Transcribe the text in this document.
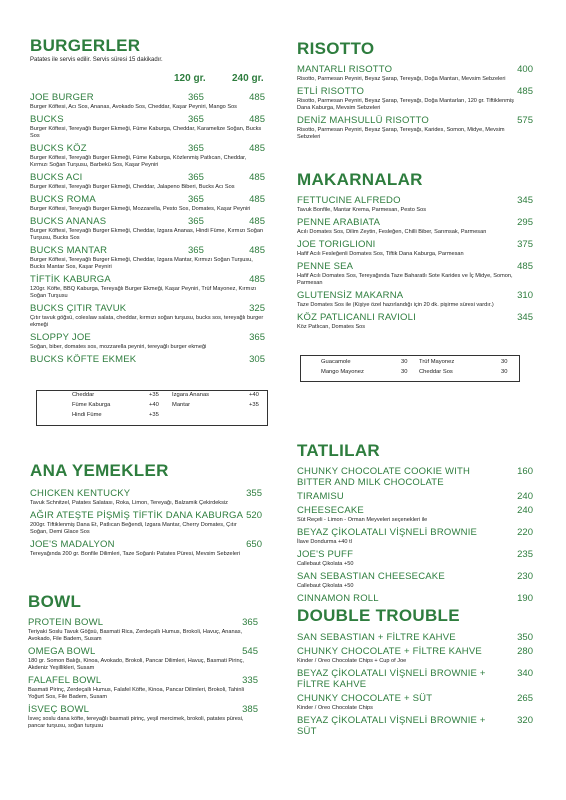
BURGERLER
Patates ile servis edilir. Servis süresi 15 dakikadır.
120 gr.	240 gr.
JOE BURGER	365	485
Burger Köftesi, Acı Sos, Ananas, Avokado Sos, Cheddar, Kaşar Peyniri, Mango Sos
BUCKS	365	485
Burger Köftesi, Tereyağlı Burger Ekmeği, Füme Kaburga, Cheddar, Karamelize Soğan, Bucks Sos
BUCKS KÖZ	365	485
Burger Köftesi, Tereyağlı Burger Ekmeği, Füme Kaburga, Közlenmiş Patlıcan, Cheddar, Kırmızı Soğan Turşusu, Barbekü Sos, Kaşar Peyniri
BUCKS ACI	365	485
Burger Köftesi, Tereyağlı Burger Ekmeği, Cheddar, Jalapeno Biberi, Bucks Acı Sos
BUCKS ROMA	365	485
Burger Köftesi, Tereyağlı Burger Ekmeği, Mozzarella, Pesto Sos, Domates, Kaşar Peyniri
BUCKS ANANAS	365	485
Burger Köftesi, Tereyağlı Burger Ekmeği, Cheddar, Izgara Ananas, Hindi Füme, Kırmızı Soğan Turşusu, Bucks Sos
BUCKS MANTAR	365	485
Burger Köftesi, Tereyağlı Burger Ekmeği, Cheddar, Izgara Mantar, Kırmızı Soğan Turşusu, Bucks Mantar Sos, Kaşar Peyniri
TİFTİK KABURGA	485
120gr. Köfte, BBQ Kaburga, Tereyağlı Burger Ekmeği, Kaşar Peyniri, Trüf Mayonez, Kırmızı Soğan Turşusu
BUCKS ÇITIR TAVUK	325
Çıtır tavuk göğsü, coleslaw salata, cheddar, kırmızı soğan turşusu, bucks sos, tereyağlı burger ekmeği
SLOPPY JOE	365
Soğan, biber, domates sos, mozzarella peyniri, tereyağlı burger ekmeği
BUCKS KÖFTE EKMEK	305
Cheddar	+35 Izgara Ananas	+40
Füme Kaburga	+40 Mantar	+35
Hindi Füme	+35
ANA YEMEKLER
CHICKEN KENTUCKY	355
Tavuk Schnitzel, Patates Salatası, Roka, Limon, Tereyağı, Balzamik Çekirdeksiz
AĞIR ATEŞTE PİŞMİŞ TİFTİK DANA KABURGA 520
200gr. Tiftiklenmiş Dana Et, Patlıcan Beğendi, Izgara Mantar, Cherry Domates, Çıtır Soğan, Demi Glace Sos
JOE'S MADALYON	650
Tereyağında 200 gr. Bonfile Dilimleri, Taze Soğanlı Patates Püresi, Mevsim Sebzeleri
BOWL
PROTEIN BOWL	365
Teriyaki Soslu Tavuk Göğsü, Basmati Rica, Zerdeçallı Humus, Brokoli, Havuç, Ananas, Avokado, File Badem, Susam
OMEGA BOWL	545
180 gr. Somon Balığı, Kinoa, Avokado, Brokoli, Pancar Dilimleri, Havuç, Basmati Pirinç, Akdeniz Yeşillikleri, Susam
FALAFEL BOWL	335
Basmati Pirinç, Zerdeçallı Humus, Falafel Köfte, Kinoa, Pancar Dilimleri, Brokoli, Tahinli Yoğurt Sos, File Badem, Susam
İSVEÇ BOWL	385
İsveç soslu dana köfte, tereyağlı basmati pirinç, yeşil mercimek, brokoli, patates püresi, pancar turşusu, soğan turşusu
RISOTTO
MANTARLI RISOTTO	400
Risotto, Parmesan Peyniri, Beyaz Şarap, Tereyağı, Doğa Mantarı, Mevsim Sebzeleri
ETLİ RISOTTO	485
Risotto, Parmesan Peyniri, Beyaz Şarap, Tereyağı, Doğa Mantarları, 120 gr. Tiftiklenmiş Dana Kaburga, Mevsim Sebzeleri
DENİZ MAHSULLÜ RISOTTO	575
Risotto, Parmesan Peyniri, Beyaz Şarap, Tereyağı, Karides, Somon, Midye, Mevsim Sebzeleri
MAKARNALAR
FETTUCINE ALFREDO	345
Tavuk Bonfile, Mantar Krema, Parmesan, Pesto Sos
PENNE ARABIATA	295
Acılı Domates Sos, Dilim Zeytin, Fesleğen, Chilli Biber, Sarımsak, Parmesan
JOE TORIGLIONI	375
Hafif Acılı Fesleğenli Domates Sos, Tiftik Dana Kaburga, Parmesan
PENNE SEA	485
Hafif Acılı Domates Sos, Tereyağında Taze Baharatlı Sote Karides ve İç Midye, Somon, Parmesan
GLUTENSİZ MAKARNA	310
Taze Domates Sos ile (Kişiye özel hazırlandığı için 20 dk. pişirme süresi vardır.)
KÖZ PATLICANLI RAVIOLI	345
Köz Patlıcan, Domates Sos
Guacamole	30 Trüf Mayonez	30
Mango Mayonez	30 Cheddar Sos	30
TATLILAR
CHUNKY CHOCOLATE COOKIE WITH BITTER AND MILK CHOCOLATE
160
TIRAMISU	240
CHEESECAKE	240
Süt Reçeli - Limon - Orman Meyveleri seçenekleri ile
BEYAZ ÇİKOLATALI VİŞNELİ BROWNIE	220
İlave Dondurma +40 tl
JOE'S PUFF	235
Callebaut Çikolata +50
SAN SEBASTIAN CHEESECAKE	230
Callebaut Çikolata +50
CINNAMON ROLL	190
DOUBLE TROUBLE
SAN SEBASTIAN + FİLTRE KAHVE	350
CHUNKY CHOCOLATE + FİLTRE KAHVE	280
Kinder / Oreo Chocolate Chips + Cup of Joe
BEYAZ ÇİKOLATALI VİŞNELİ BROWNIE + FİLTRE KAHVE
340
CHUNKY CHOCOLATE + SÜT	265
Kinder / Oreo Chocolate Chips
BEYAZ ÇİKOLATALI VİŞNELİ BROWNIE + SÜT
320
